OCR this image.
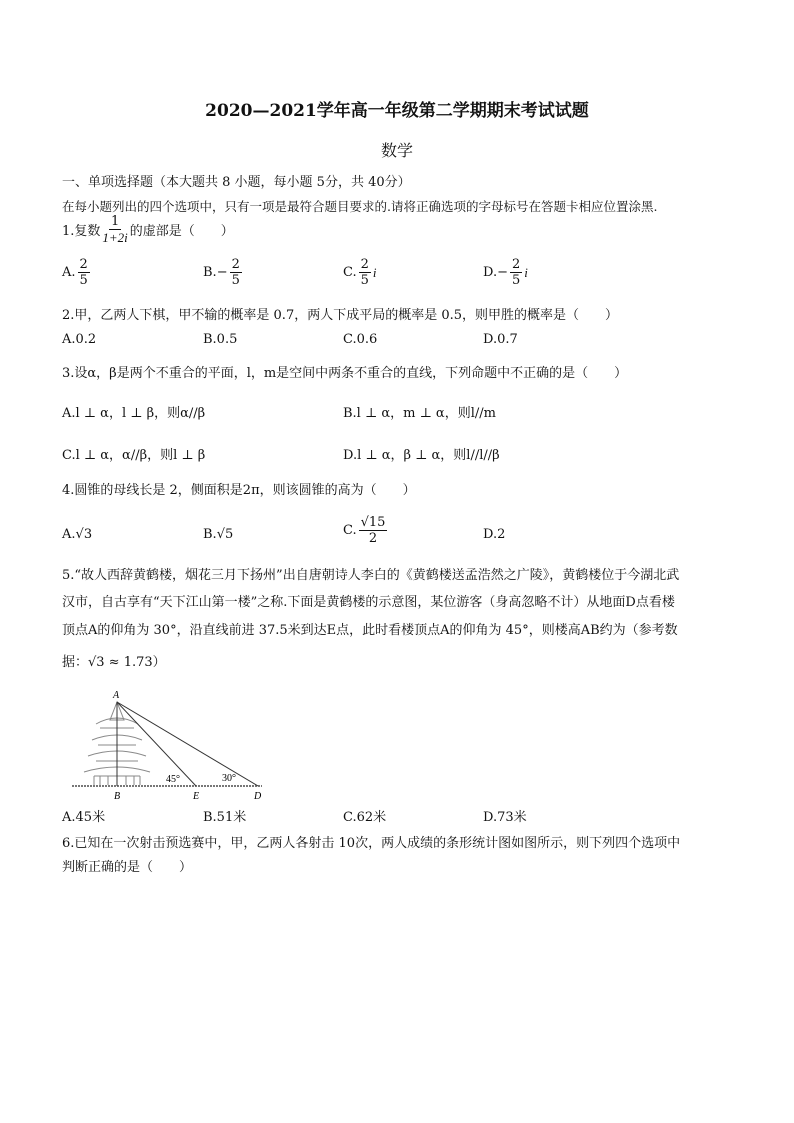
2020—2021学年高一年级第二学期期末考试试题
数学
一、单项选择题（本大题共 8 小题，每小题 5分，共 40分）
在每小题列出的四个选项中，只有一项是最符合题目要求的.请将正确选项的字母标号在答题卡相应位置涂黑.
1.复数 $\frac{1}{1+2i}$ 的虚部是（　　）
A. $\frac{2}{5}$	B. − $\frac{2}{5}$	C. $\frac{2}{5}$ i	D. − $\frac{2}{5}$ i
2.甲，乙两人下棋，甲不输的概率是 0.7，两人下成平局的概率是 0.5，则甲胜的概率是（　　）
A.0.2	B.0.5	C.0.6	D.0.7
3.设α，β是两个不重合的平面，l，m是空间中两条不重合的直线，下列命题中不正确的是（　　）
A.l ⊥ α，l ⊥ β，则α//β	B.l ⊥ α，m ⊥ α，则l//m
C.l ⊥ α，α//β，则l ⊥ β	D.l ⊥ α，β ⊥ α，则l//l//β
4.圆锥的母线长是 2，侧面积是2π，则该圆锥的高为（　　）
A. √3	B. √5	C. $\frac{√15}{2}$	D.2
5.“故人西辞黄鹤楼，烟花三月下扬州”出自唐朝诗人李白的《黄鹤楼送孟浩然之广陵》，黄鹤楼位于今湖北武
汉市，自古享有“天下江山第一楼”之称.下面是黄鹤楼的示意图，某位游客（身高忽略不计）从地面D点看楼
顶点A的仰角为 30°，沿直线前进 37.5米到达E点，此时看楼顶点A的仰角为 45°，则楼高AB约为（参考数
据：√3 ≈ 1.73）
A
B	E	D
45°	30°
A.45米	B.51米	C.62米	D.73米
6.已知在一次射击预选赛中，甲，乙两人各射击 10次，两人成绩的条形统计图如图所示，则下列四个选项中
判断正确的是（　　）
